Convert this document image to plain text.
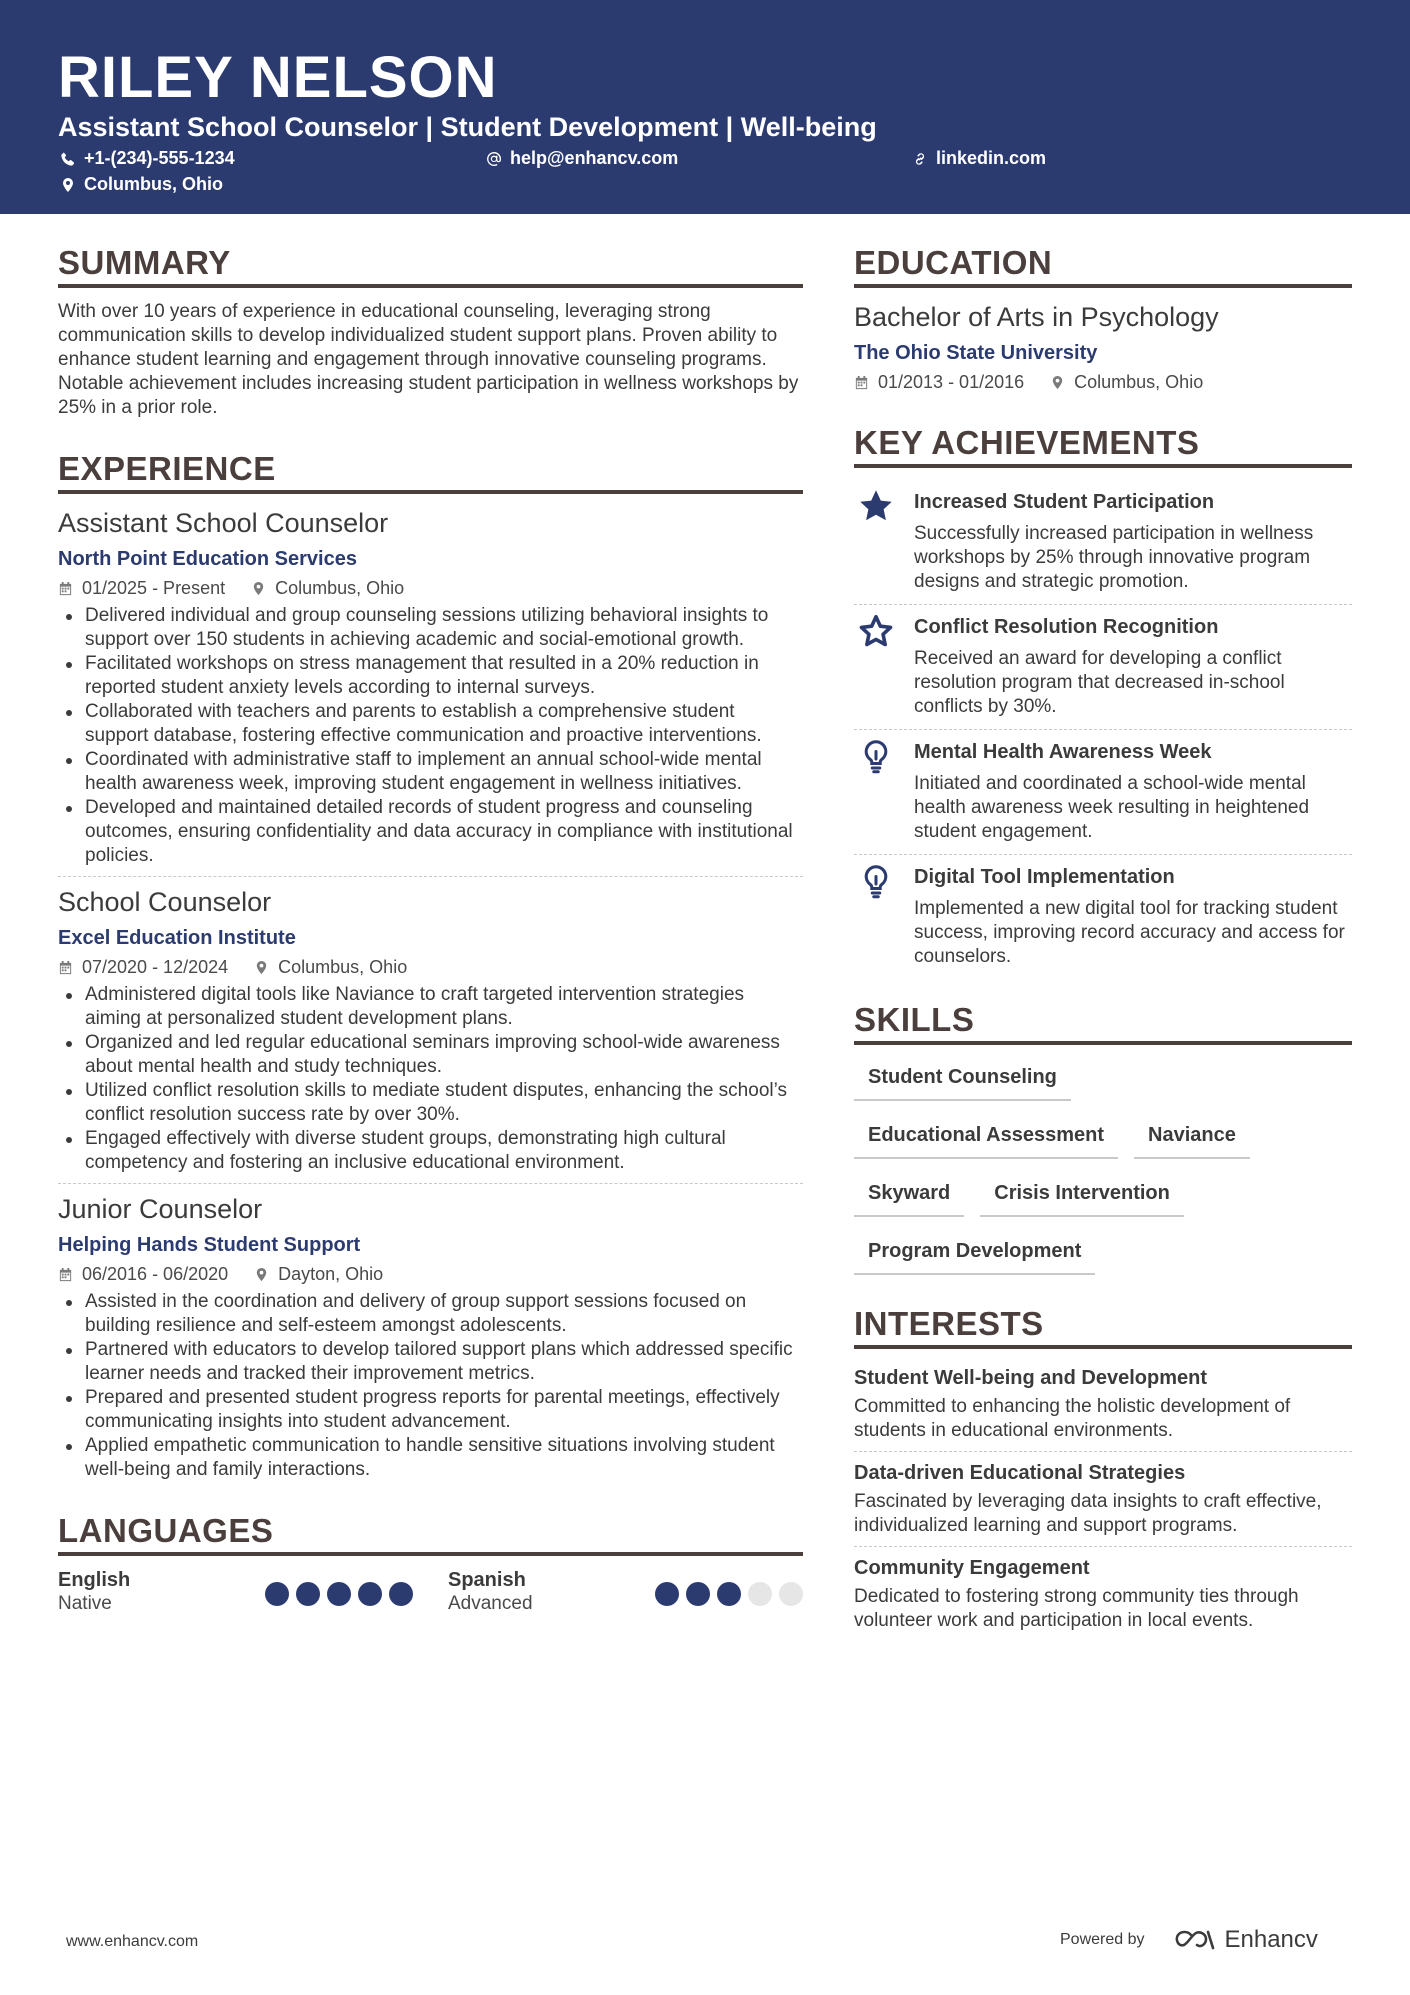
RILEY NELSON
Assistant School Counselor | Student Development | Well-being
+1-(234)-555-1234	help@enhancv.com	linkedin.com
Columbus, Ohio
SUMMARY
With over 10 years of experience in educational counseling, leveraging strong communication skills to develop individualized student support plans. Proven ability to enhance student learning and engagement through innovative counseling programs. Notable achievement includes increasing student participation in wellness workshops by 25% in a prior role.
EXPERIENCE
Assistant School Counselor
North Point Education Services
01/2025 - Present	Columbus, Ohio
Delivered individual and group counseling sessions utilizing behavioral insights to support over 150 students in achieving academic and social-emotional growth.
Facilitated workshops on stress management that resulted in a 20% reduction in reported student anxiety levels according to internal surveys.
Collaborated with teachers and parents to establish a comprehensive student support database, fostering effective communication and proactive interventions.
Coordinated with administrative staff to implement an annual school-wide mental health awareness week, improving student engagement in wellness initiatives.
Developed and maintained detailed records of student progress and counseling outcomes, ensuring confidentiality and data accuracy in compliance with institutional policies.
School Counselor
Excel Education Institute
07/2020 - 12/2024	Columbus, Ohio
Administered digital tools like Naviance to craft targeted intervention strategies aiming at personalized student development plans.
Organized and led regular educational seminars improving school-wide awareness about mental health and study techniques.
Utilized conflict resolution skills to mediate student disputes, enhancing the school’s conflict resolution success rate by over 30%.
Engaged effectively with diverse student groups, demonstrating high cultural competency and fostering an inclusive educational environment.
Junior Counselor
Helping Hands Student Support
06/2016 - 06/2020	Dayton, Ohio
Assisted in the coordination and delivery of group support sessions focused on building resilience and self-esteem amongst adolescents.
Partnered with educators to develop tailored support plans which addressed specific learner needs and tracked their improvement metrics.
Prepared and presented student progress reports for parental meetings, effectively communicating insights into student advancement.
Applied empathetic communication to handle sensitive situations involving student well-being and family interactions.
LANGUAGES
English
Native
Spanish
Advanced
EDUCATION
Bachelor of Arts in Psychology
The Ohio State University
01/2013 - 01/2016	Columbus, Ohio
KEY ACHIEVEMENTS
Increased Student Participation
Successfully increased participation in wellness workshops by 25% through innovative program designs and strategic promotion.
Conflict Resolution Recognition
Received an award for developing a conflict resolution program that decreased in-school conflicts by 30%.
Mental Health Awareness Week
Initiated and coordinated a school-wide mental health awareness week resulting in heightened student engagement.
Digital Tool Implementation
Implemented a new digital tool for tracking student success, improving record accuracy and access for counselors.
SKILLS
Student Counseling
Educational Assessment	Naviance
Skyward	Crisis Intervention
Program Development
INTERESTS
Student Well-being and Development
Committed to enhancing the holistic development of students in educational environments.
Data-driven Educational Strategies
Fascinated by leveraging data insights to craft effective, individualized learning and support programs.
Community Engagement
Dedicated to fostering strong community ties through volunteer work and participation in local events.
www.enhancv.com	Powered by	Enhancv
